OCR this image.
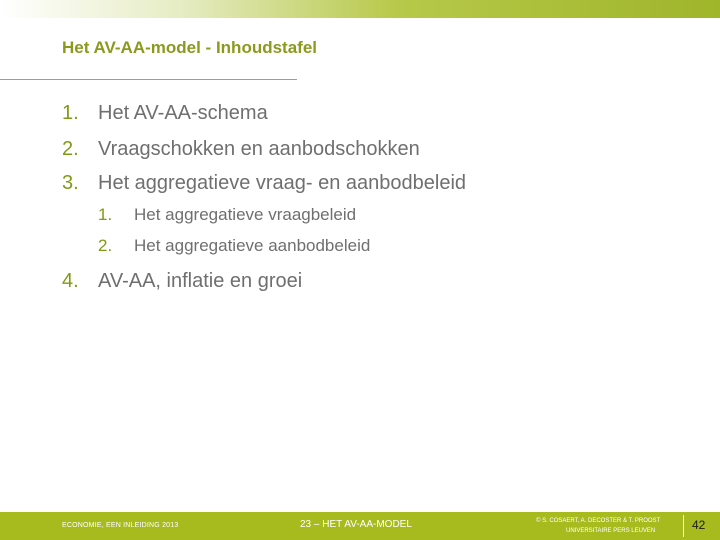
Het AV-AA-model - Inhoudstafel
1. Het AV-AA-schema
2. Vraagschokken en aanbodschokken
3. Het aggregatieve vraag- en aanbodbeleid
1. Het aggregatieve vraagbeleid
2. Het aggregatieve aanbodbeleid
4. AV-AA, inflatie en groei
ECONOMIE, EEN INLEIDING 2013	23 – HET AV-AA-MODEL	© S. COSAERT, A. DECOSTER & T. PROOST
UNIVERSITAIRE PERS LEUVEN	42
